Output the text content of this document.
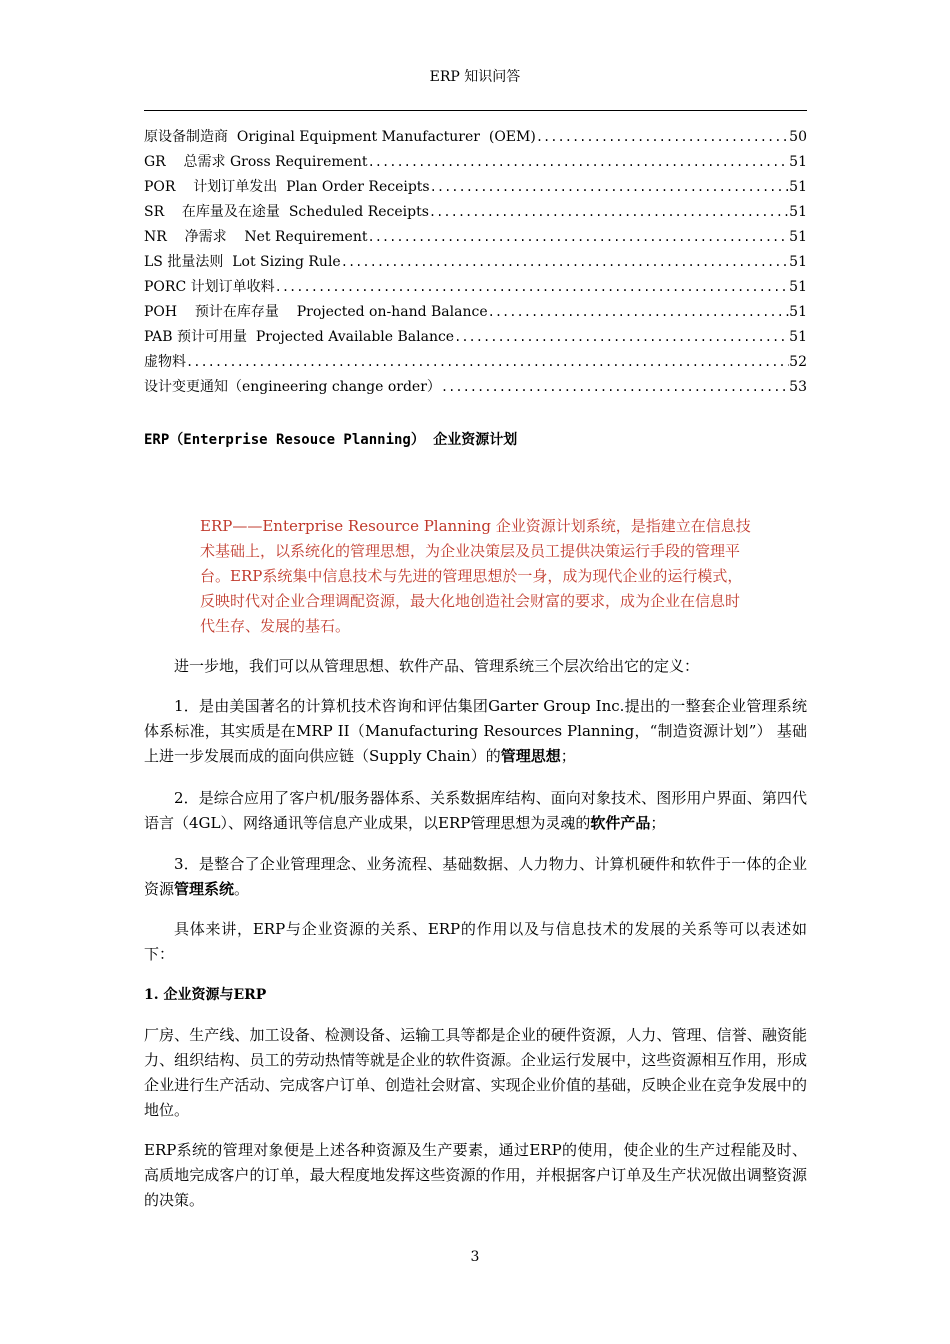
ERP 知识问答
原设备制造商  Original Equipment Manufacturer  (OEM) .....	50
GR    总需求 Gross Requirement .....	51
POR    计划订单发出  Plan Order Receipts .....	51
SR    在库量及在途量  Scheduled Receipts .....	51
NR    净需求    Net Requirement .....	51
LS 批量法则  Lot Sizing Rule .....	51
PORC 计划订单收料 .....	51
POH    预计在库存量    Projected on-hand Balance .....	51
PAB 预计可用量  Projected Available Balance .....	51
虚物料 .....	52
设计变更通知（engineering change order） .....	53
ERP（Enterprise Resouce Planning） 企业资源计划
ERP——Enterprise Resource Planning 企业资源计划系统，是指建立在信息技术基础上，以系统化的管理思想，为企业决策层及员工提供决策运行手段的管理平台。ERP系统集中信息技术与先进的管理思想於一身，成为现代企业的运行模式，反映时代对企业合理调配资源，最大化地创造社会财富的要求，成为企业在信息时代生存、发展的基石。
进一步地，我们可以从管理思想、软件产品、管理系统三个层次给出它的定义：
1．是由美国著名的计算机技术咨询和评估集团Garter Group Inc.提出的一整套企业管理系统体系标准，其实质是在MRP II（Manufacturing Resources Planning，“制造资源计划”） 基础上进一步发展而成的面向供应链（Supply Chain）的管理思想；
2．是综合应用了客户机/服务器体系、关系数据库结构、面向对象技术、图形用户界面、第四代语言（4GL）、网络通讯等信息产业成果，以ERP管理思想为灵魂的软件产品；
3．是整合了企业管理理念、业务流程、基础数据、人力物力、计算机硬件和软件于一体的企业资源管理系统。
具体来讲，ERP与企业资源的关系、ERP的作用以及与信息技术的发展的关系等可以表述如下：
1. 企业资源与ERP
厂房、生产线、加工设备、检测设备、运输工具等都是企业的硬件资源，人力、管理、信誉、融资能力、组织结构、员工的劳动热情等就是企业的软件资源。企业运行发展中，这些资源相互作用，形成企业进行生产活动、完成客户订单、创造社会财富、实现企业价值的基础，反映企业在竞争发展中的地位。
ERP系统的管理对象便是上述各种资源及生产要素，通过ERP的使用，使企业的生产过程能及时、高质地完成客户的订单，最大程度地发挥这些资源的作用，并根据客户订单及生产状况做出调整资源的决策。
3
